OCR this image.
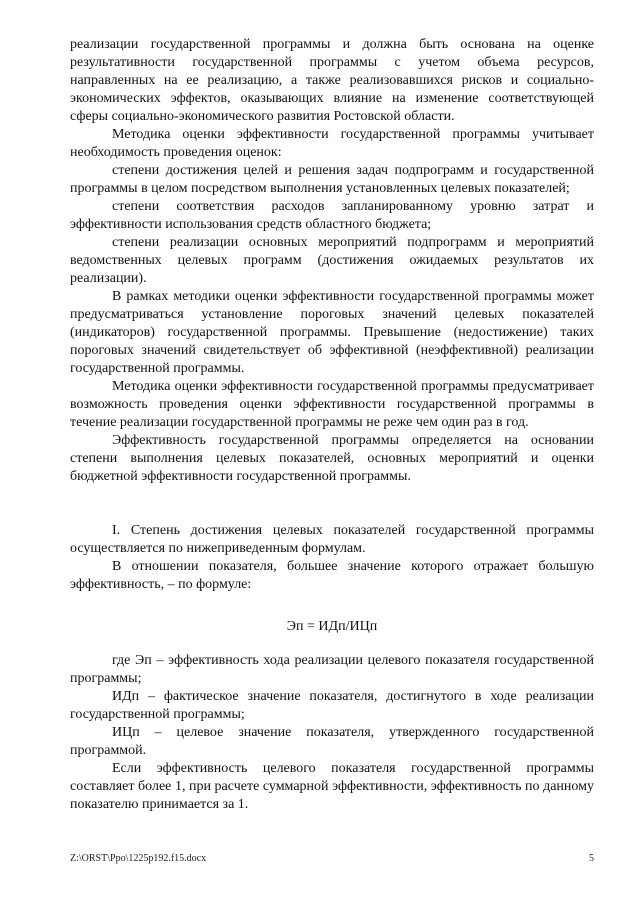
реализации государственной программы и должна быть основана на оценке результативности государственной программы с учетом объема ресурсов, направленных на ее реализацию, а также реализовавшихся рисков и социально-экономических эффектов, оказывающих влияние на изменение соответствующей сферы социально-экономического развития Ростовской области.

Методика оценки эффективности государственной программы учитывает необходимость проведения оценок:

степени достижения целей и решения задач подпрограмм и государственной программы в целом посредством выполнения установленных целевых показателей;

степени соответствия расходов запланированному уровню затрат и эффективности использования средств областного бюджета;

степени реализации основных мероприятий подпрограмм и мероприятий ведомственных целевых программ (достижения ожидаемых результатов их реализации).

В рамках методики оценки эффективности государственной программы может предусматриваться установление пороговых значений целевых показателей (индикаторов) государственной программы. Превышение (недостижение) таких пороговых значений свидетельствует об эффективной (неэффективной) реализации государственной программы.

Методика оценки эффективности государственной программы предусматривает возможность проведения оценки эффективности государственной программы в течение реализации государственной программы не реже чем один раз в год.

Эффективность государственной программы определяется на основании степени выполнения целевых показателей, основных мероприятий и оценки бюджетной эффективности государственной программы.

I. Степень достижения целевых показателей государственной программы осуществляется по нижеприведенным формулам.

В отношении показателя, большее значение которого отражает большую эффективность, – по формуле:

Эп = ИДп/ИЦп

где Эп – эффективность хода реализации целевого показателя государственной программы;

ИДп – фактическое значение показателя, достигнутого в ходе реализации государственной программы;

ИЦп – целевое значение показателя, утвержденного государственной программой.

Если эффективность целевого показателя государственной программы составляет более 1, при расчете суммарной эффективности, эффективность по данному показателю принимается за 1.

Z:\ORST\Ppo\1225p192.f15.docx	5
